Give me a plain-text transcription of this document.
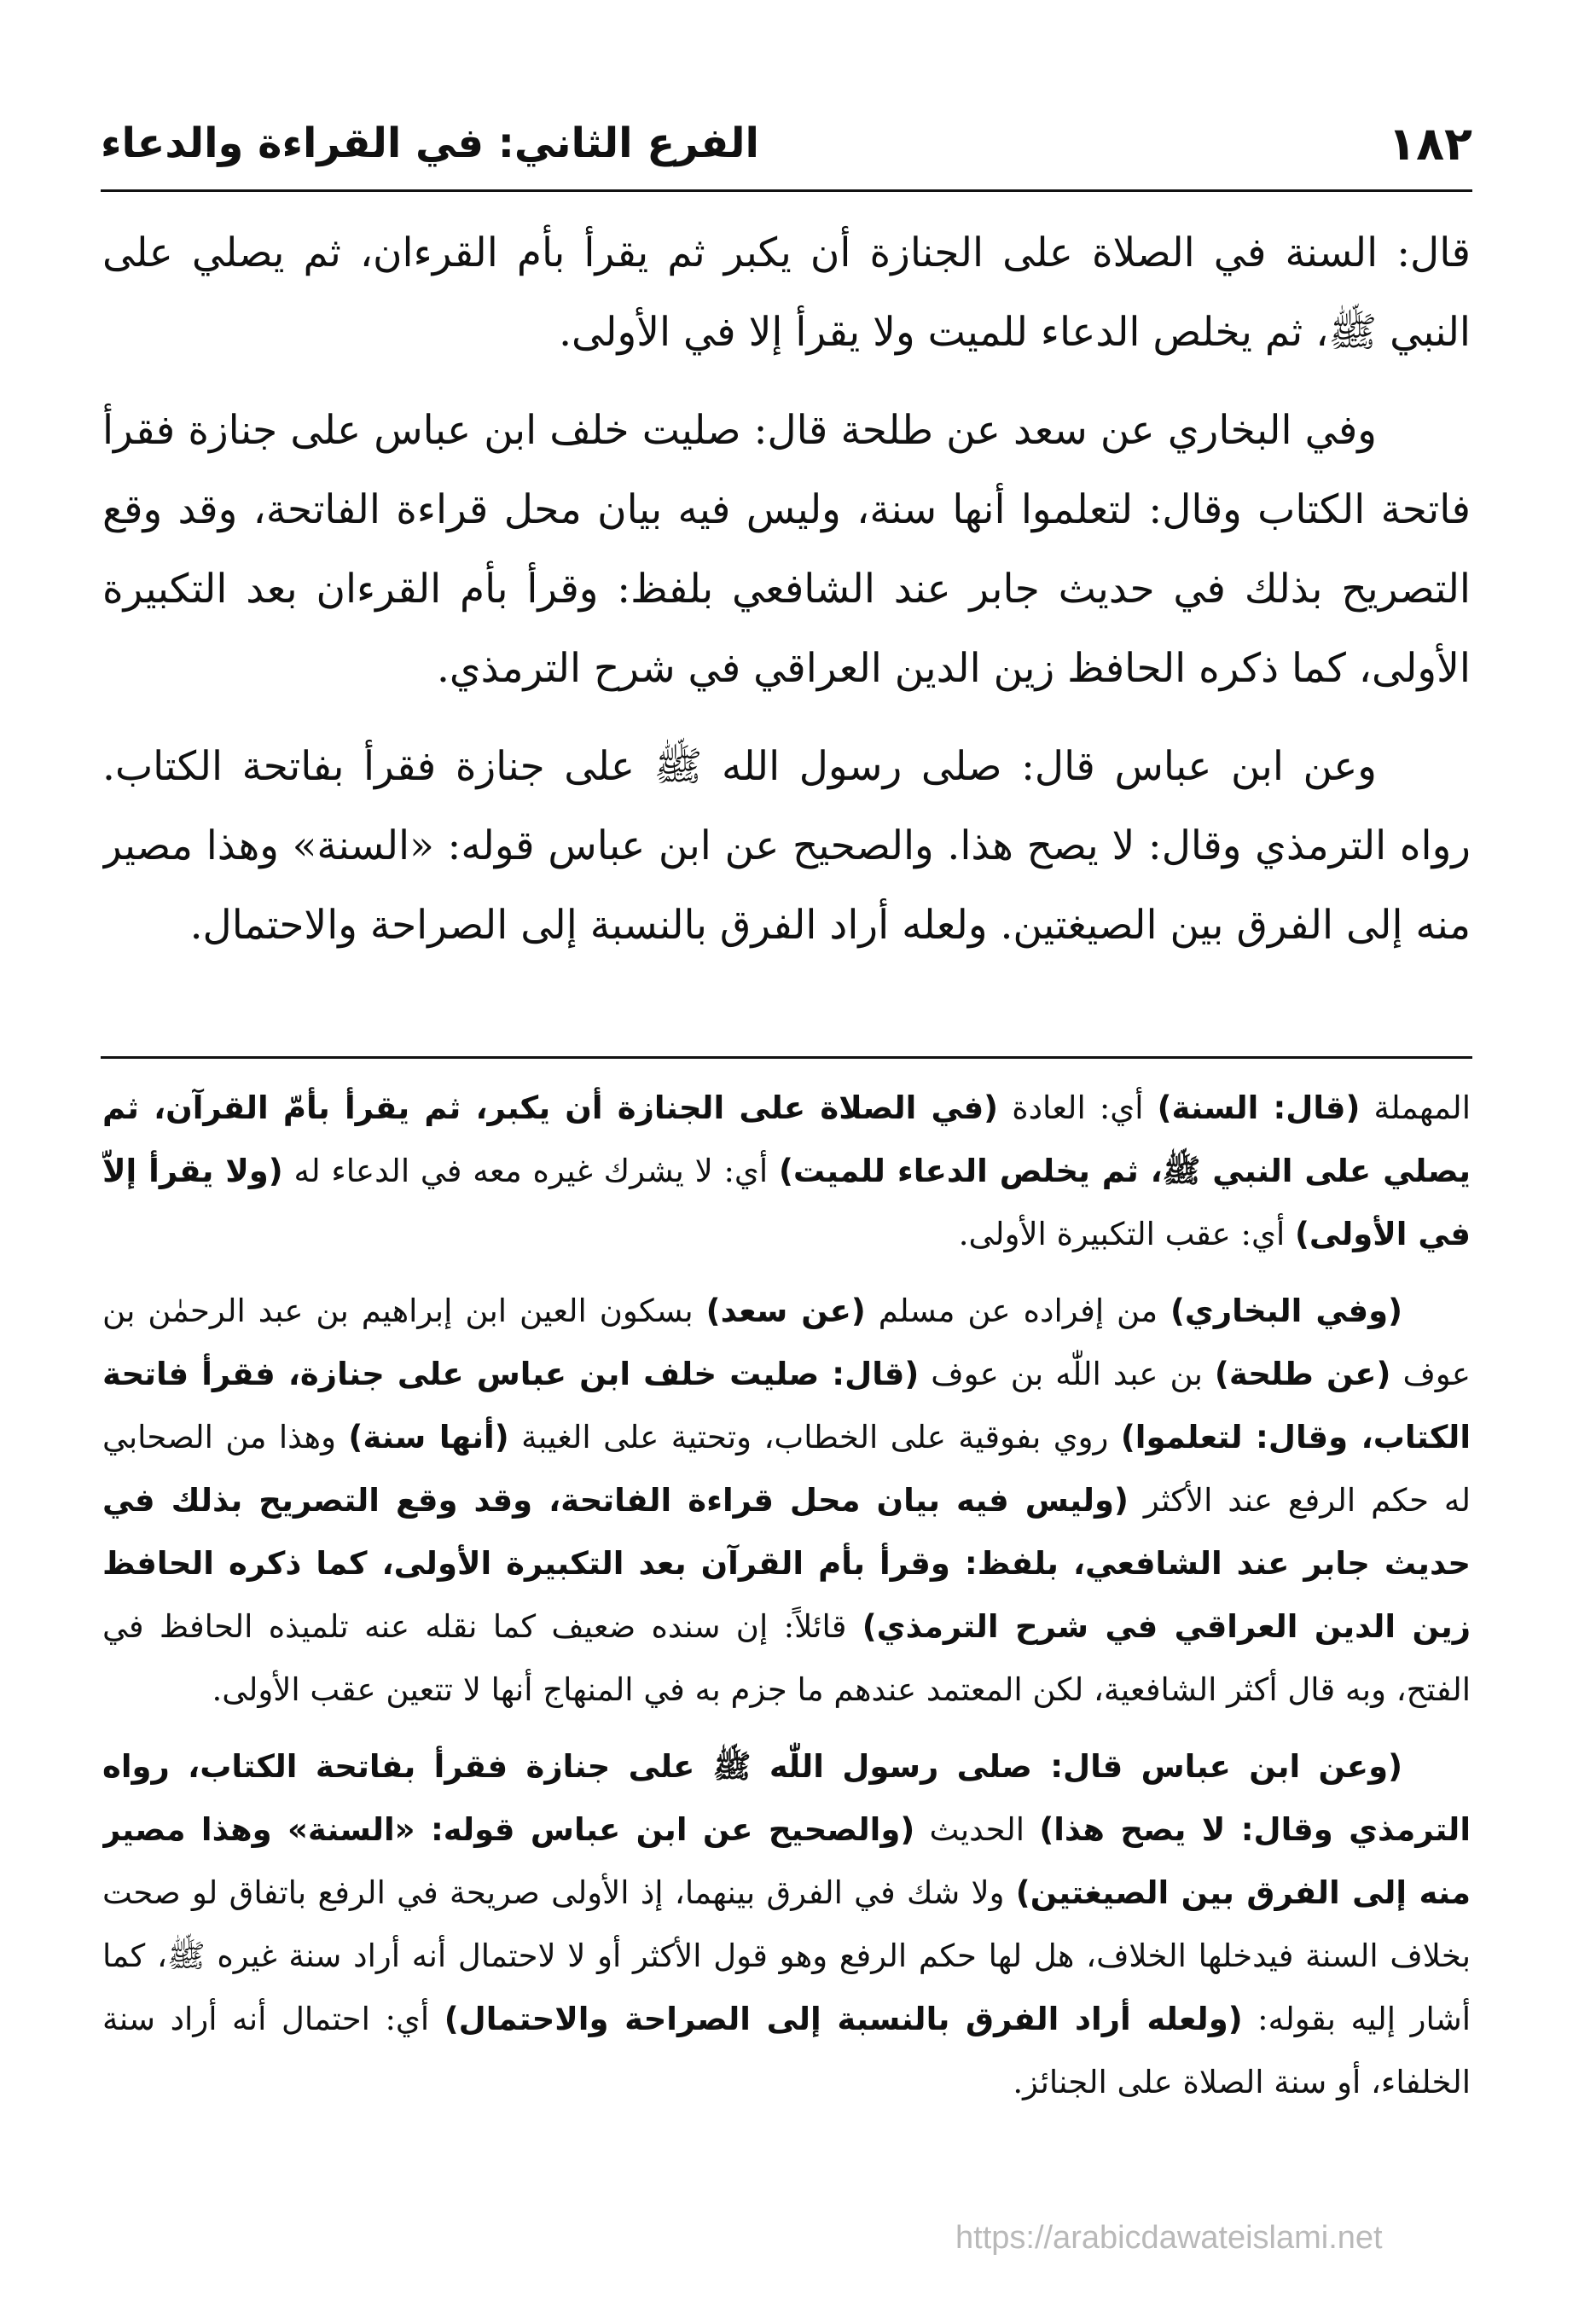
١٨٢
الفرع الثاني: في القراءة والدعاء

قال: السنة في الصلاة على الجنازة أن يكبر ثم يقرأ بأم القرءان، ثم يصلي على النبي ﷺ، ثم يخلص الدعاء للميت ولا يقرأ إلا في الأولى.

وفي البخاري عن سعد عن طلحة قال: صليت خلف ابن عباس على جنازة فقرأ فاتحة الكتاب وقال: لتعلموا أنها سنة، وليس فيه بيان محل قراءة الفاتحة، وقد وقع التصريح بذلك في حديث جابر عند الشافعي بلفظ: وقرأ بأم القرءان بعد التكبيرة الأولى، كما ذكره الحافظ زين الدين العراقي في شرح الترمذي.

وعن ابن عباس قال: صلى رسول الله ﷺ على جنازة فقرأ بفاتحة الكتاب. رواه الترمذي وقال: لا يصح هذا. والصحيح عن ابن عباس قوله: «السنة» وهذا مصير منه إلى الفرق بين الصيغتين. ولعله أراد الفرق بالنسبة إلى الصراحة والاحتمال.

المهملة (قال: السنة) أي: العادة (في الصلاة على الجنازة أن يكبر، ثم يقرأ بأمّ القرآن، ثم يصلي على النبي ﷺ، ثم يخلص الدعاء للميت) أي: لا يشرك غيره معه في الدعاء له (ولا يقرأ إلاّ في الأولى) أي: عقب التكبيرة الأولى.

(وفي البخاري) من إفراده عن مسلم (عن سعد) بسكون العين ابن إبراهيم بن عبد الرحمٰن بن عوف (عن طلحة) بن عبد اللّٰه بن عوف (قال: صليت خلف ابن عباس على جنازة، فقرأ فاتحة الكتاب، وقال: لتعلموا) روي بفوقية على الخطاب، وتحتية على الغيبة (أنها سنة) وهذا من الصحابي له حكم الرفع عند الأكثر (وليس فيه بيان محل قراءة الفاتحة، وقد وقع التصريح بذلك في حديث جابر عند الشافعي، بلفظ: وقرأ بأم القرآن بعد التكبيرة الأولى، كما ذكره الحافظ زين الدين العراقي في شرح الترمذي) قائلاً: إن سنده ضعيف كما نقله عنه تلميذه الحافظ في الفتح، وبه قال أكثر الشافعية، لكن المعتمد عندهم ما جزم به في المنهاج أنها لا تتعين عقب الأولى.

(وعن ابن عباس قال: صلى رسول اللّٰه ﷺ على جنازة فقرأ بفاتحة الكتاب، رواه الترمذي وقال: لا يصح هذا) الحديث (والصحيح عن ابن عباس قوله: «السنة» وهذا مصير منه إلى الفرق بين الصيغتين) ولا شك في الفرق بينهما، إذ الأولى صريحة في الرفع باتفاق لو صحت بخلاف السنة فيدخلها الخلاف، هل لها حكم الرفع وهو قول الأكثر أو لا لاحتمال أنه أراد سنة غيره ﷺ، كما أشار إليه بقوله: (ولعله أراد الفرق بالنسبة إلى الصراحة والاحتمال) أي: احتمال أنه أراد سنة الخلفاء، أو سنة الصلاة على الجنائز.

https://arabicdawateislami.net
